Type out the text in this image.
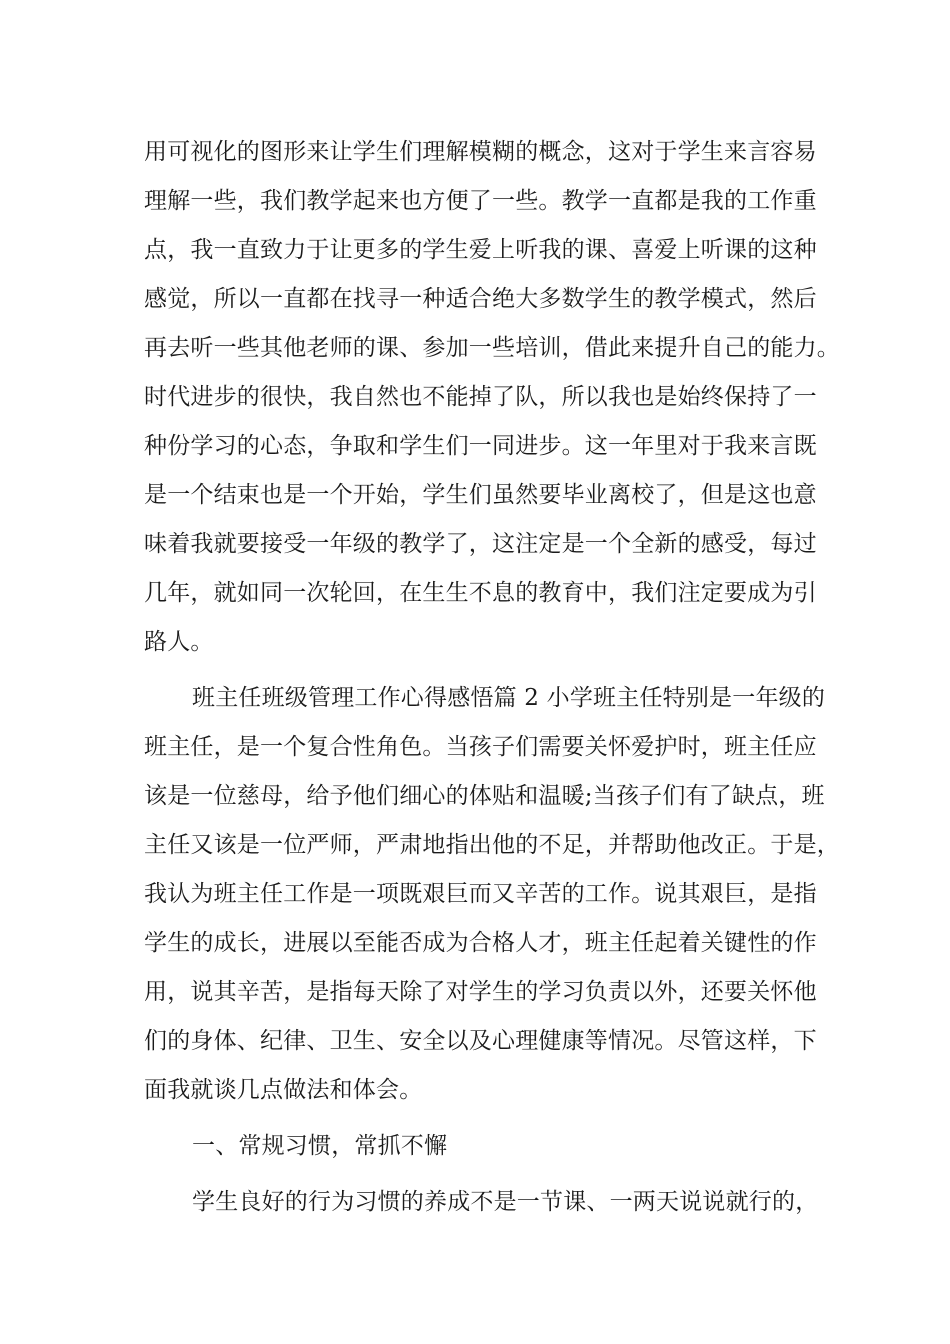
用可视化的图形来让学生们理解模糊的概念，这对于学生来言容易
理解一些，我们教学起来也方便了一些。教学一直都是我的工作重
点，我一直致力于让更多的学生爱上听我的课、喜爱上听课的这种
感觉，所以一直都在找寻一种适合绝大多数学生的教学模式，然后
再去听一些其他老师的课、参加一些培训，借此来提升自己的能力。
时代进步的很快，我自然也不能掉了队，所以我也是始终保持了一
种份学习的心态，争取和学生们一同进步。这一年里对于我来言既
是一个结束也是一个开始，学生们虽然要毕业离校了，但是这也意
味着我就要接受一年级的教学了，这注定是一个全新的感受，每过
几年，就如同一次轮回，在生生不息的教育中，我们注定要成为引
路人。
班主任班级管理工作心得感悟篇 2 小学班主任特别是一年级的
班主任，是一个复合性角色。当孩子们需要关怀爱护时，班主任应
该是一位慈母，给予他们细心的体贴和温暖;当孩子们有了缺点，班
主任又该是一位严师，严肃地指出他的不足，并帮助他改正。于是，
我认为班主任工作是一项既艰巨而又辛苦的工作。说其艰巨，是指
学生的成长，进展以至能否成为合格人才，班主任起着关键性的作
用，说其辛苦，是指每天除了对学生的学习负责以外，还要关怀他
们的身体、纪律、卫生、安全以及心理健康等情况。尽管这样，下
面我就谈几点做法和体会。
一、常规习惯，常抓不懈
学生良好的行为习惯的养成不是一节课、一两天说说就行的，
